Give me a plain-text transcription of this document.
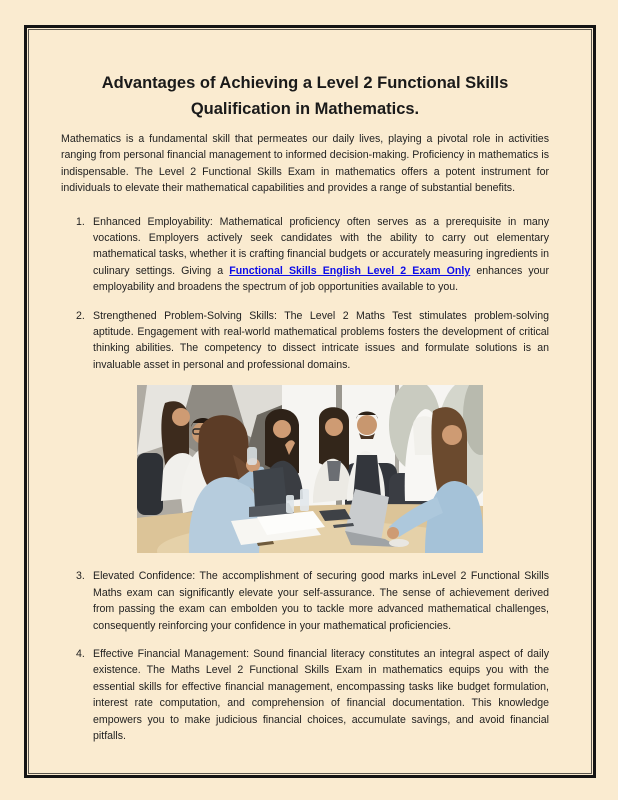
Advantages of Achieving a Level 2 Functional Skills
Qualification in Mathematics.

Mathematics is a fundamental skill that permeates our daily lives, playing a pivotal role in activities ranging from personal financial management to informed decision-making. Proficiency in mathematics is indispensable. The Level 2 Functional Skills Exam in mathematics offers a potent instrument for individuals to elevate their mathematical capabilities and provides a range of substantial benefits.

1. Enhanced Employability: Mathematical proficiency often serves as a prerequisite in many vocations. Employers actively seek candidates with the ability to carry out elementary mathematical tasks, whether it is crafting financial budgets or accurately measuring ingredients in culinary settings. Giving a Functional Skills English Level 2 Exam Only enhances your employability and broadens the spectrum of job opportunities available to you.
2. Strengthened Problem-Solving Skills: The Level 2 Maths Test stimulates problem-solving aptitude. Engagement with real-world mathematical problems fosters the development of critical thinking abilities. The competency to dissect intricate issues and formulate solutions is an invaluable asset in personal and professional domains.
3. Elevated Confidence: The accomplishment of securing good marks inLevel 2 Functional Skills Maths exam can significantly elevate your self-assurance. The sense of achievement derived from passing the exam can embolden you to tackle more advanced mathematical challenges, consequently reinforcing your confidence in your mathematical proficiencies.
4. Effective Financial Management: Sound financial literacy constitutes an integral aspect of daily existence. The Maths Level 2 Functional Skills Exam in mathematics equips you with the essential skills for effective financial management, encompassing tasks like budget formulation, interest rate computation, and comprehension of financial documentation. This knowledge empowers you to make judicious financial choices, accumulate savings, and avoid financial pitfalls.
